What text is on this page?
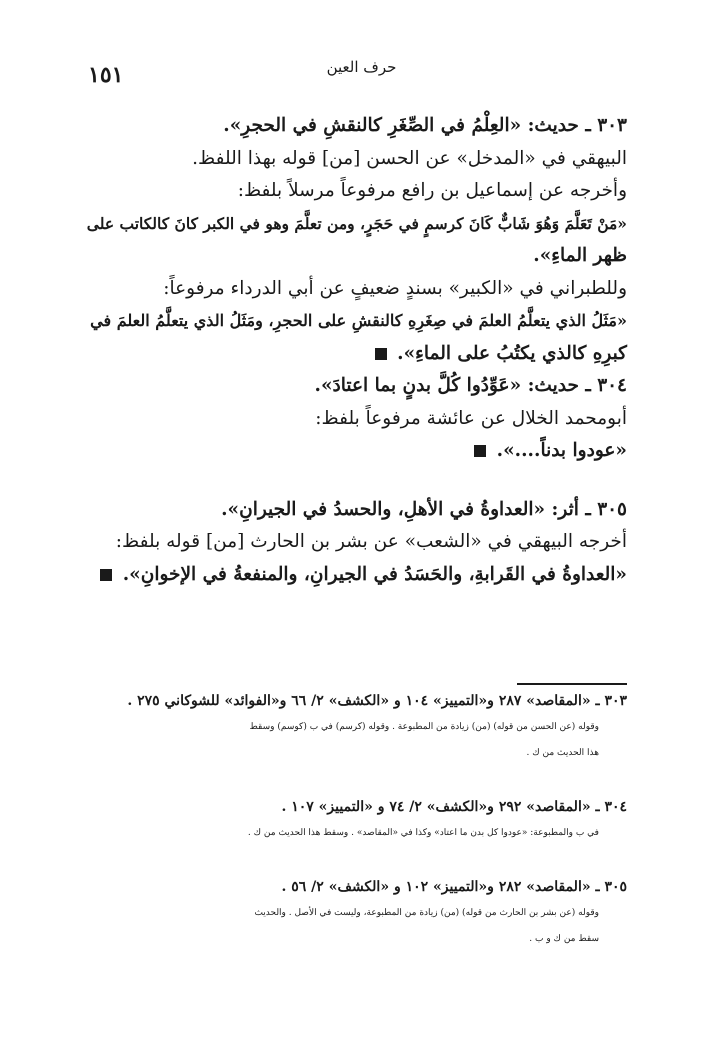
حرف العين
١٥١
٣٠٣ ـ حديث: «العِلْمُ في الصِّغَرِ كالنقشِ في الحجرِ».
البيهقي في «المدخل» عن الحسن [من] قوله بهذا اللفظ.
وأخرجه عن إسماعيل بن رافع مرفوعاً مرسلاً بلفظ:
«مَنْ تَعَلَّمَ وَهُوَ شَابٌّ كَانَ كرسمٍ في حَجَرٍ، ومن تعلَّمَ وهو في الكبر كانَ كالكاتب على
ظهر الماءِ».
وللطبراني في «الكبير» بسندٍ ضعيفٍ عن أبي الدرداء مرفوعاً:
«مَثَلُ الذي يتعلَّمُ العلمَ في صِغَرِهِ كالنقشِ على الحجرِ، ومَثَلُ الذي يتعلَّمُ العلمَ في
كبرِهِ كالذي يكتُبُ على الماءِ».
٣٠٤ ـ حديث: «عَوِّدُوا كُلَّ بدنٍ بما اعتادَ».
أبومحمد الخلال عن عائشة مرفوعاً بلفظ:
«عودوا بدناً....».
٣٠٥ ـ أثر: «العداوةُ في الأهلِ، والحسدُ في الجيرانِ».
أخرجه البيهقي في «الشعب» عن بشر بن الحارث [من] قوله بلفظ:
«العداوةُ في القَرابةِ، والحَسَدُ في الجيرانِ، والمنفعةُ في الإخوانِ».
٣٠٣ ـ «المقاصد» ٢٨٧ و«التمييز» ١٠٤ و «الكشف» ٢/ ٦٦ و«الفوائد» للشوكاني ٢٧٥ .
وقوله (عن الحسن من قوله) (من) زيادة من المطبوعة . وقوله (كرسم) في ب (كوسم) وسقط
هذا الحديث من ك .
٣٠٤ ـ «المقاصد» ٢٩٢ و«الكشف» ٢/ ٧٤ و «التمييز» ١٠٧ .
في ب والمطبوعة: «عودوا كل بدن ما اعتاد» وكذا في «المقاصد» . وسقط هذا الحديث من ك .
٣٠٥ ـ «المقاصد» ٢٨٢ و«التمييز» ١٠٢ و «الكشف» ٢/ ٥٦ .
وقوله (عن بشر بن الحارث من قوله) (من) زيادة من المطبوعة، وليست في الأصل . والحديث
سقط من ك و ب .
